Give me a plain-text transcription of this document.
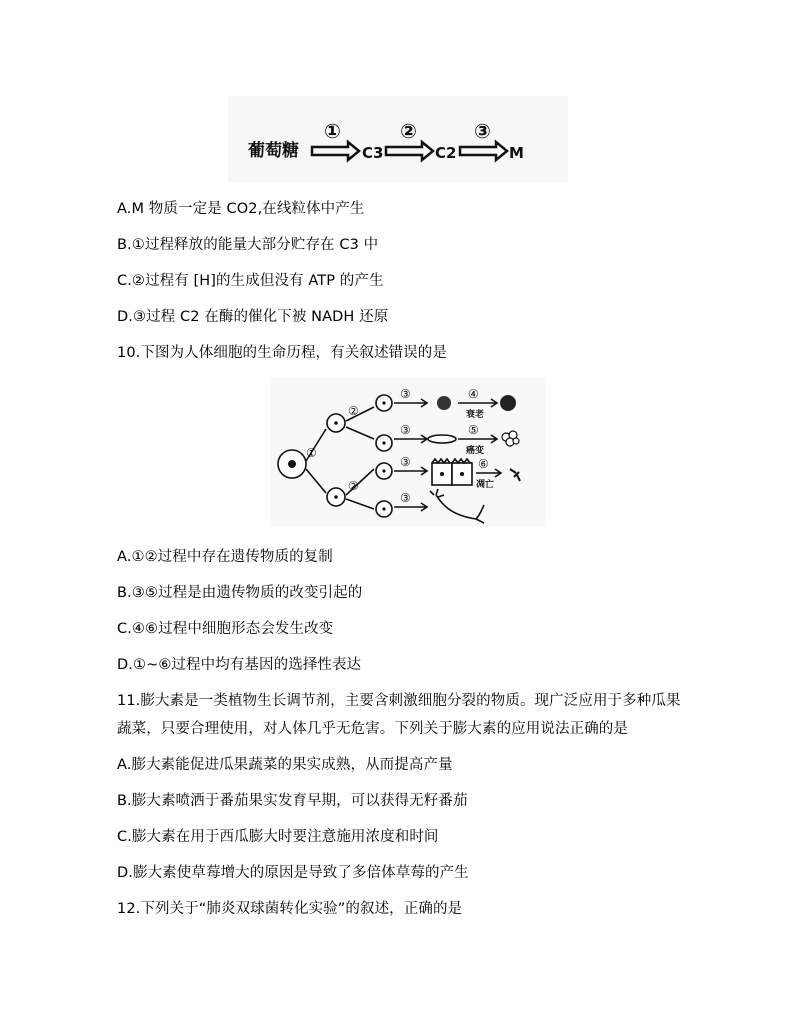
葡萄糖
①
C3
②
C2
③
M
A.M 物质一定是 CO2,在线粒体中产生
B.①过程释放的能量大部分贮存在 C3 中
C.②过程有 [H]的生成但没有 ATP 的产生
D.③过程 C2 在酶的催化下被 NADH 还原
10.下图为人体细胞的生命历程，有关叙述错误的是
①
②
②
③
③
③
③
④
⑤
⑥
衰老
癌变
凋亡
A.①②过程中存在遗传物质的复制
B.③⑤过程是由遗传物质的改变引起的
C.④⑥过程中细胞形态会发生改变
D.①~⑥过程中均有基因的选择性表达
11.膨大素是一类植物生长调节剂，主要含刺激细胞分裂的物质。现广泛应用于多种瓜果
蔬菜，只要合理使用，对人体几乎无危害。下列关于膨大素的应用说法正确的是
A.膨大素能促进瓜果蔬菜的果实成熟，从而提高产量
B.膨大素喷洒于番茄果实发育早期，可以获得无籽番茄
C.膨大素在用于西瓜膨大时要注意施用浓度和时间
D.膨大素使草莓增大的原因是导致了多倍体草莓的产生
12.下列关于“肺炎双球菌转化实验”的叙述，正确的是
